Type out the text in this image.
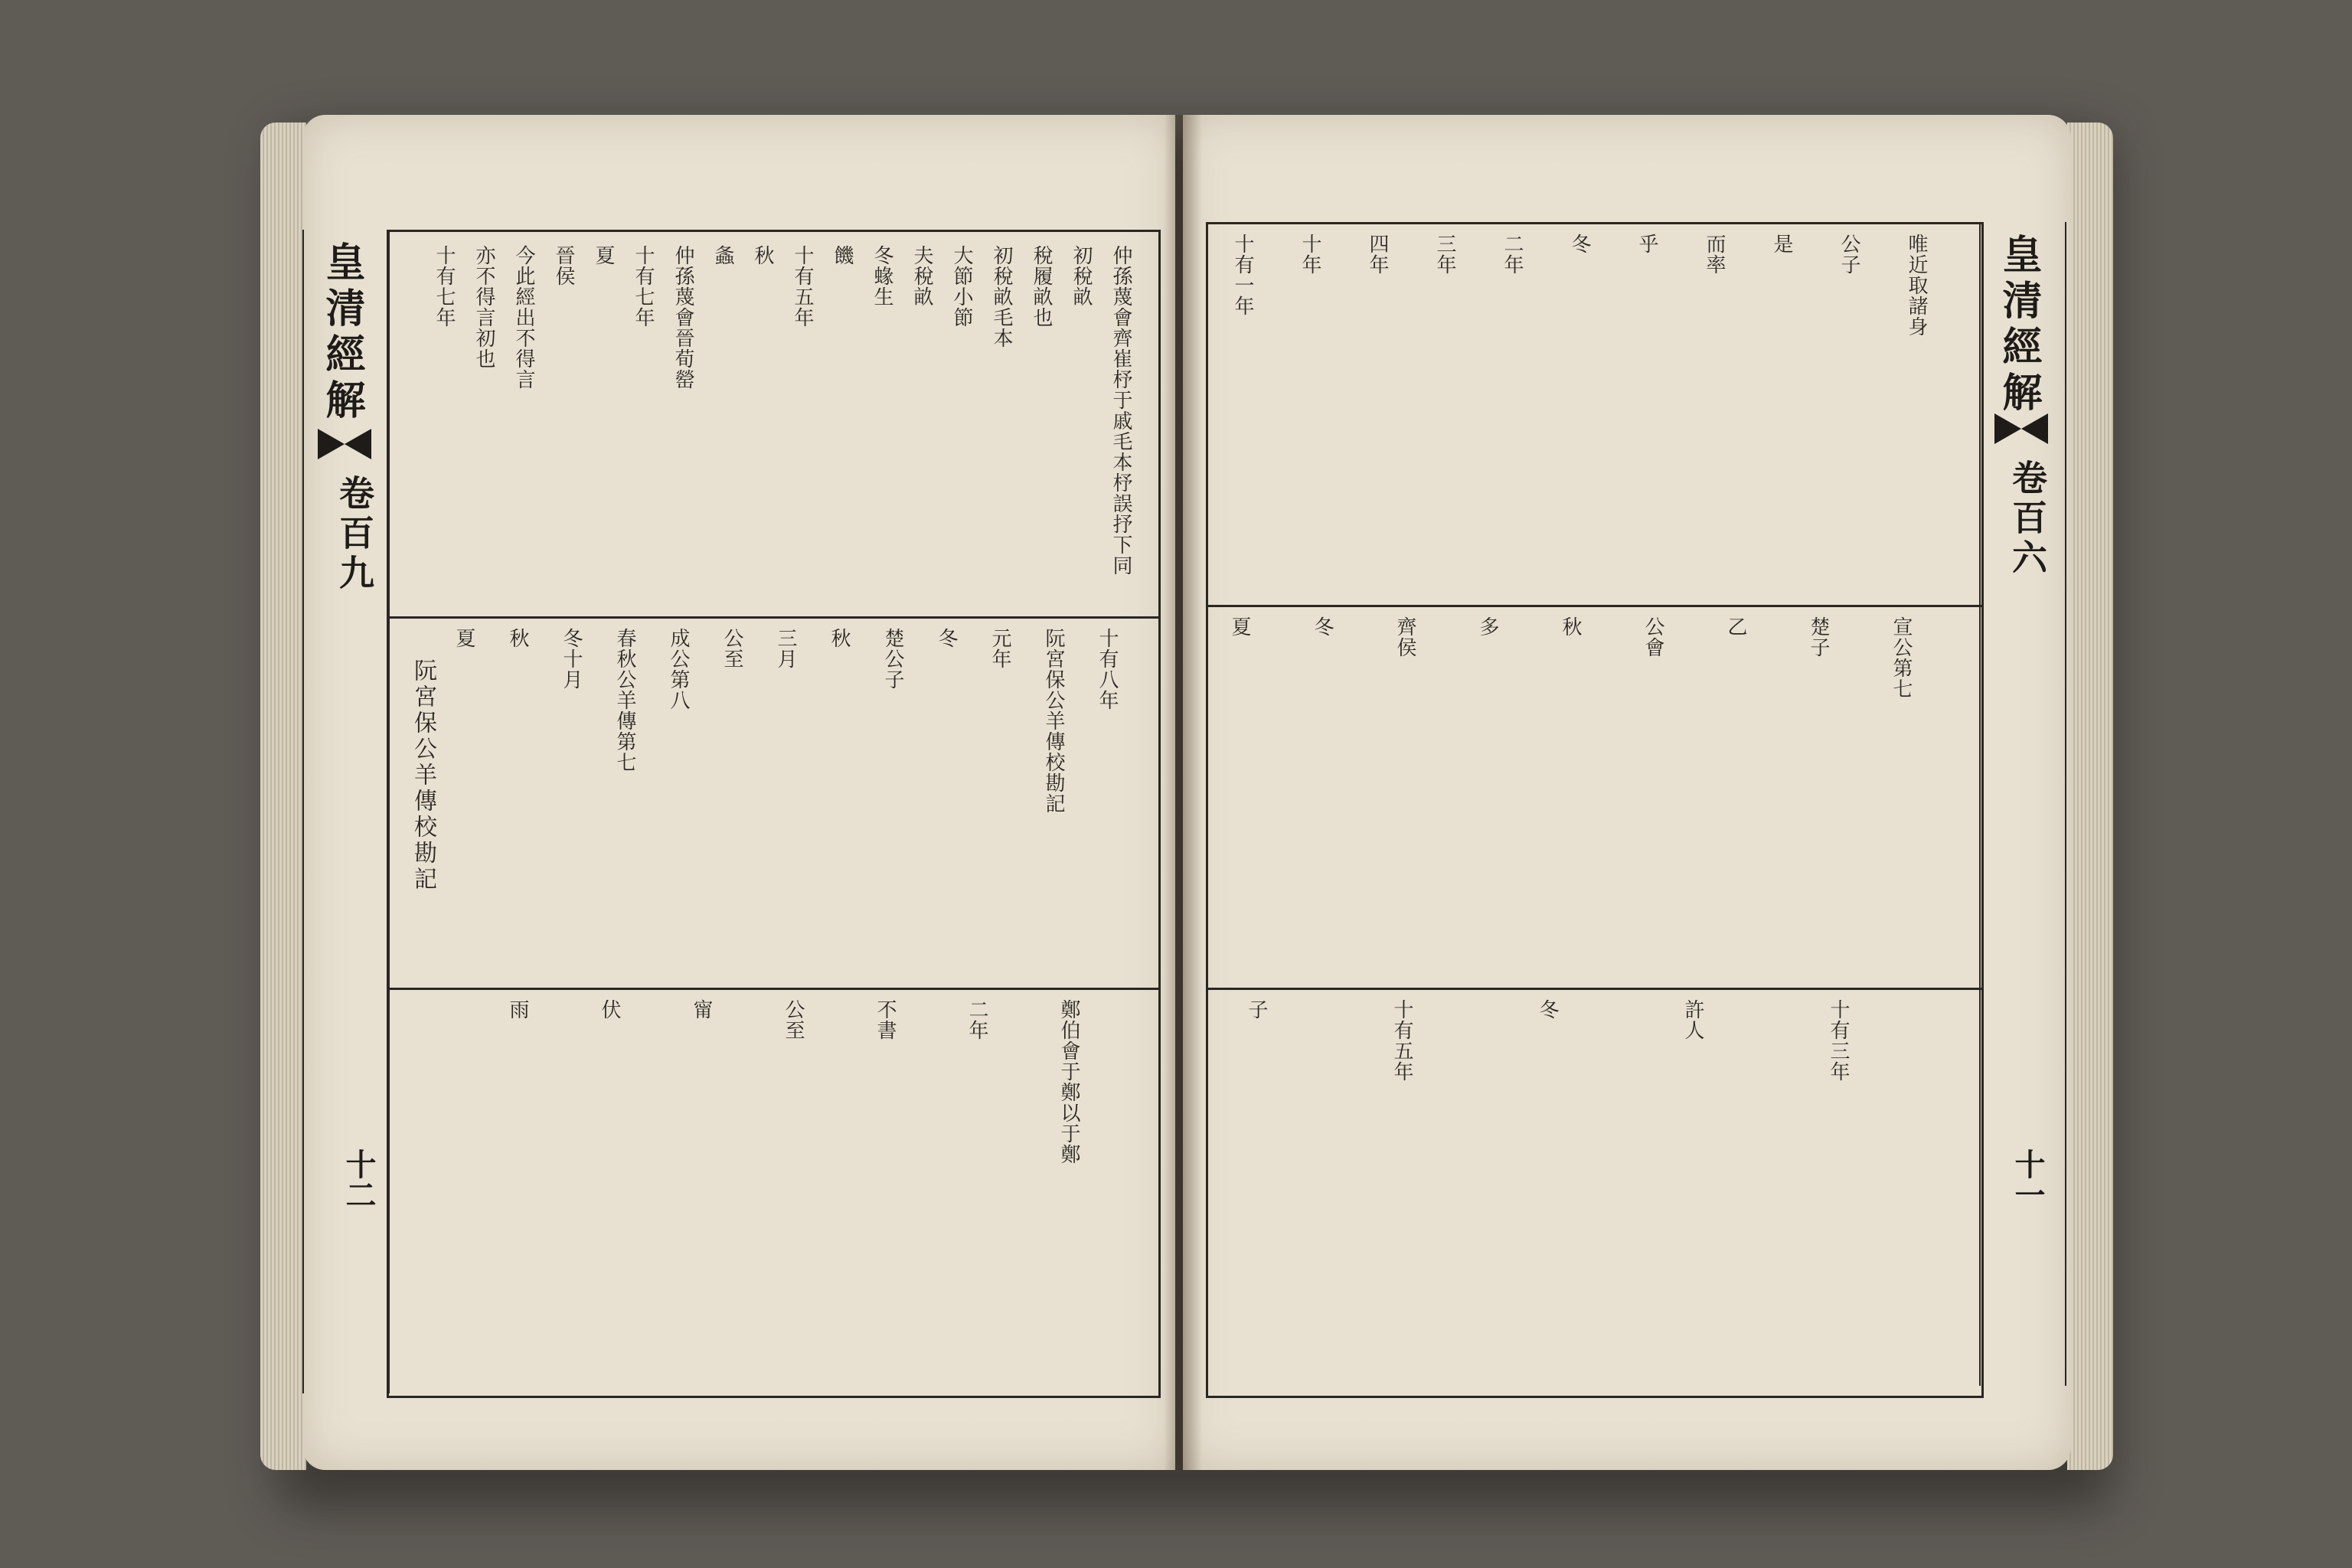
皇清經解
卷百九
十二
皇清經解
卷百六
十一
阮宮保公羊傳校勘記
仲孫蔑會齊崔杼于戚毛本杼誤抒下同
初稅畝
稅履畝也
初稅畝毛本
大節小節
夫稅畝
冬蝝生
饑
十有五年
秋
螽
仲孫蔑會晉荀罃
十有七年
夏
晉侯
今此經出不得言
亦不得言初也
十有七年
十有八年
阮宮保公羊傳校勘記
元年
冬
楚公子
秋
三月
公至
成公第八
春秋公羊傳第七
冬十月
秋
夏
鄭伯會于鄭以于鄭
二年
不書
公至
甯
伏
雨
唯近取諸身
公子
是
而率
乎
冬
二年
三年
四年
十年
十有一年
宣公第七
楚子
乙
公會
秋
多
齊侯
冬
夏
十有三年
許人
冬
十有五年
子
